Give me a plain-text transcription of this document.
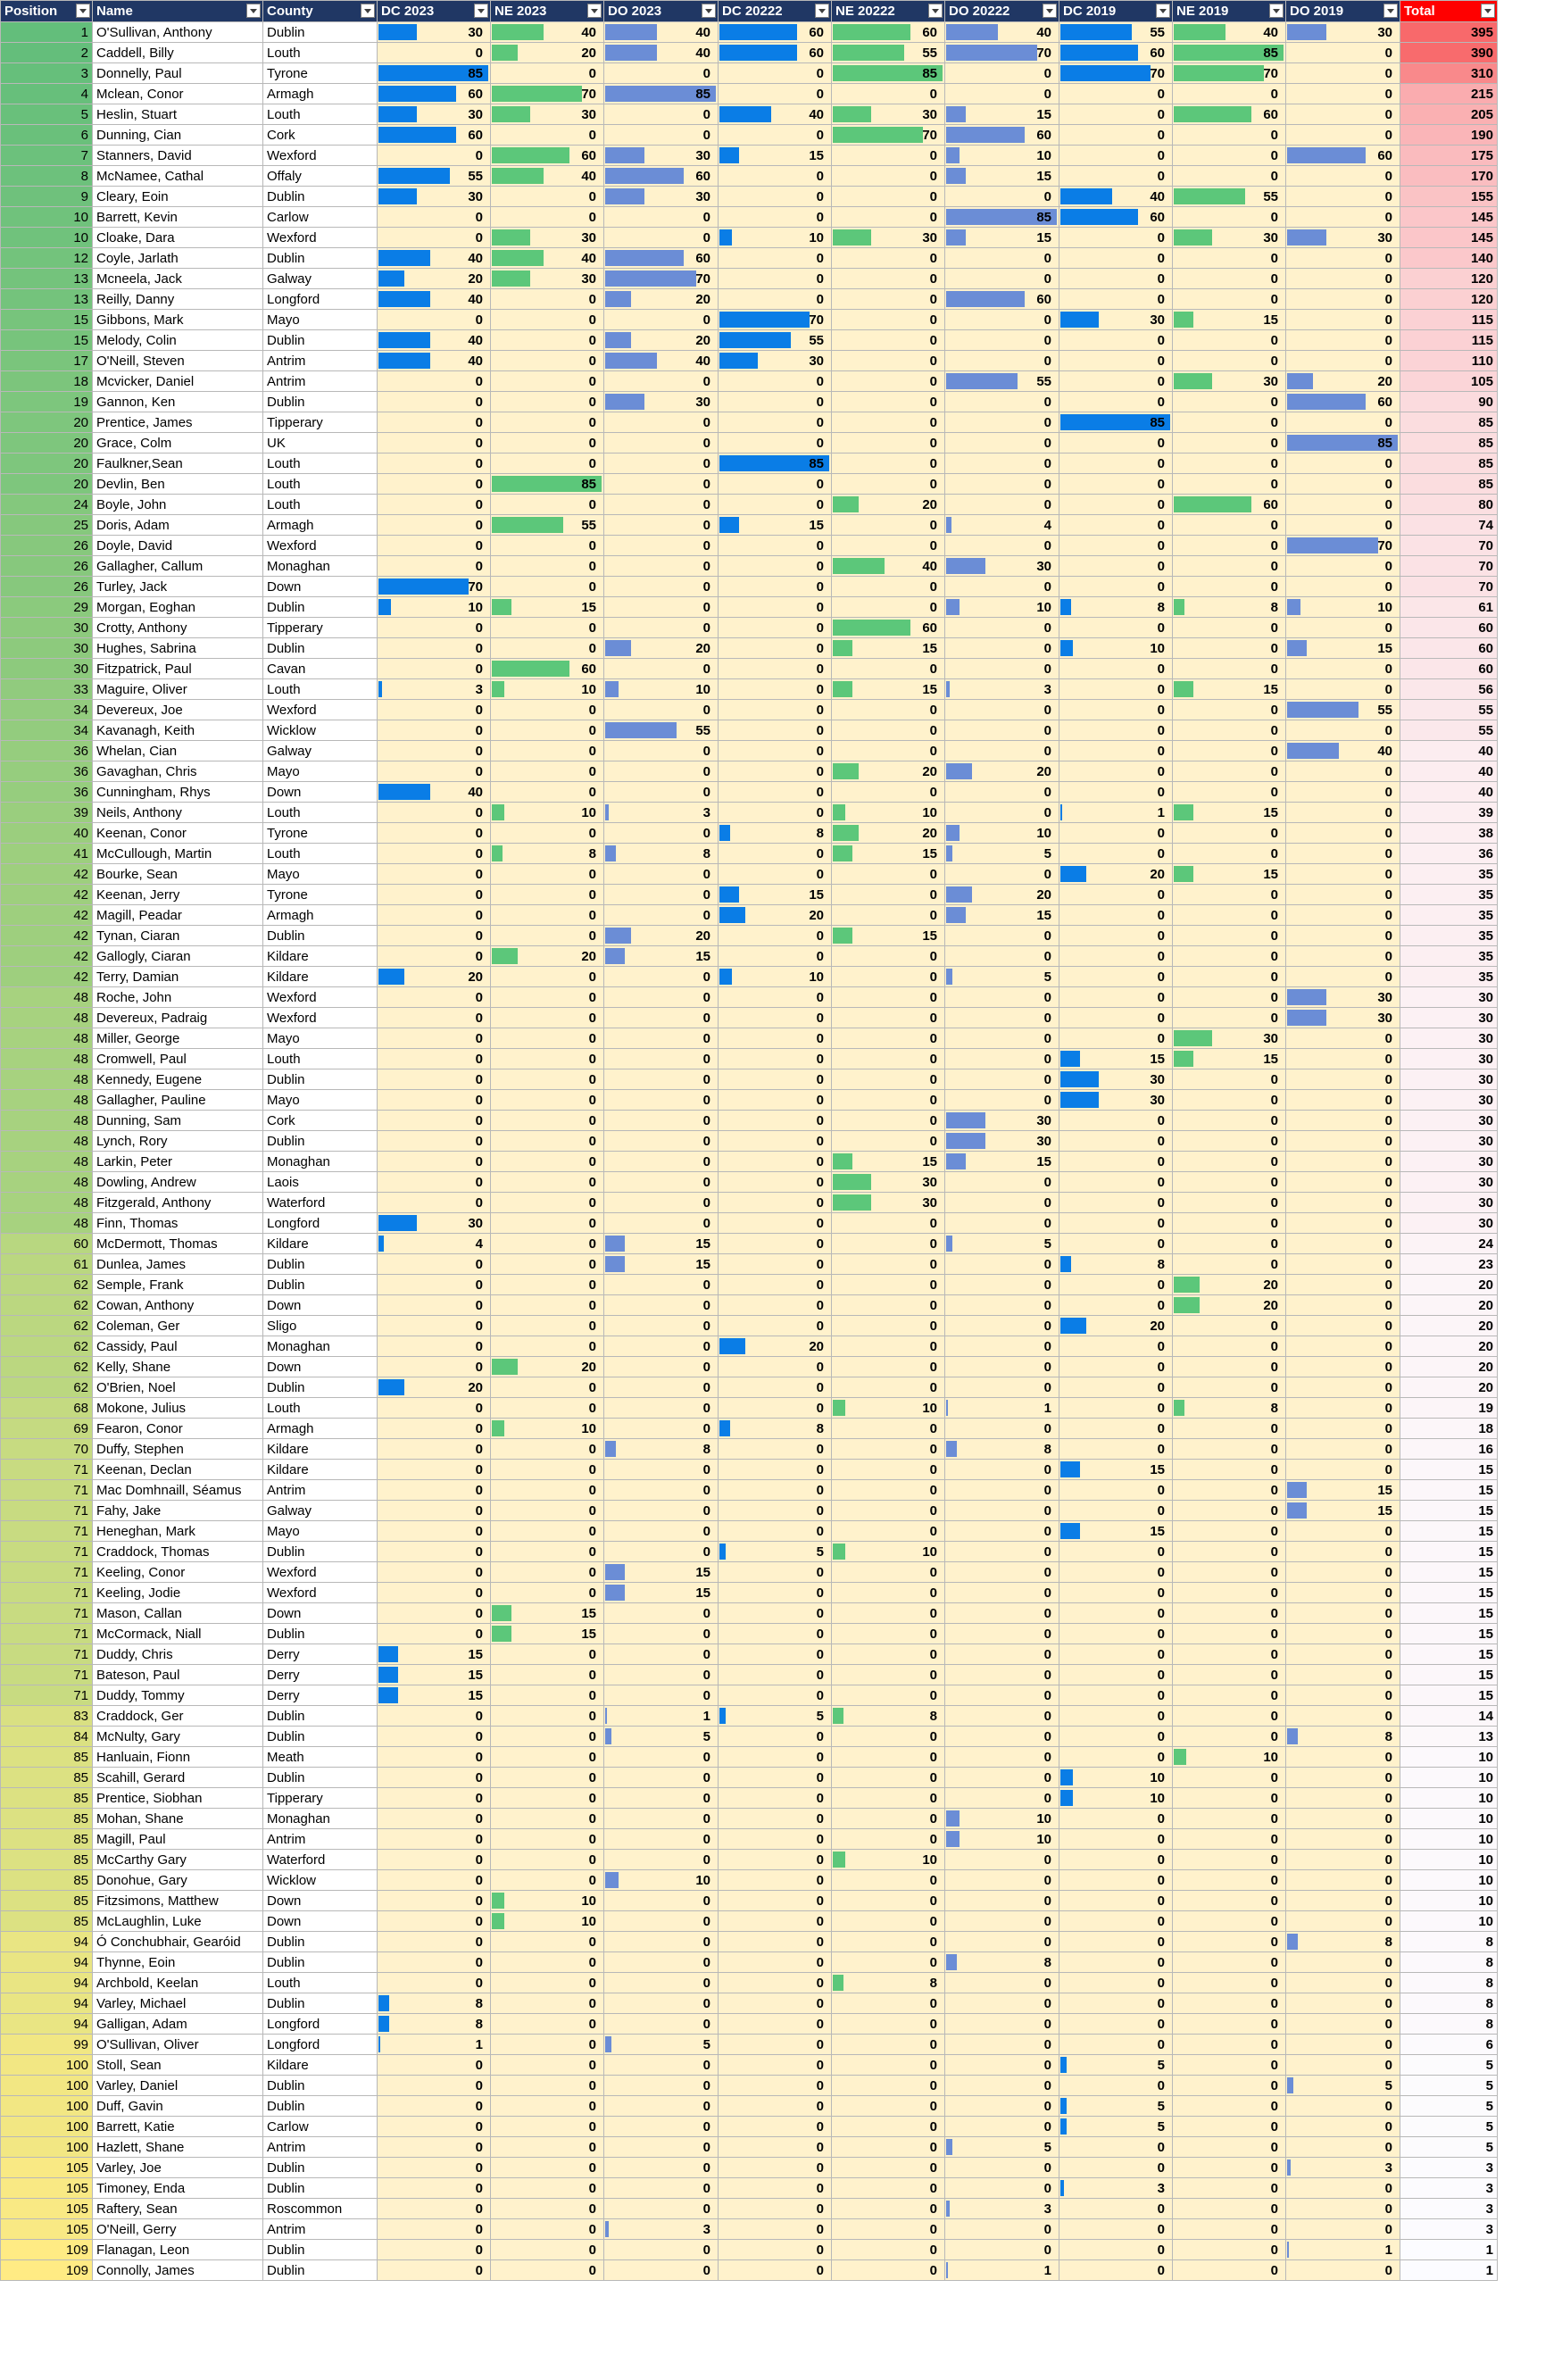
Position	Name	County	DC 2023	NE 2023	DO 2023	DC 20222	NE 20222	DO 20222	DC 2019	NE 2019	DO 2019	Total

1	O'Sullivan, Anthony	Dublin	30	40	40	60	60	40	55	40	30	395
2	Caddell, Billy	Louth	0	20	40	60	55	70	60	85	0	390
3	Donnelly, Paul	Tyrone	85	0	0	0	85	0	70	70	0	310
4	Mclean, Conor	Armagh	60	70	85	0	0	0	0	0	0	215
5	Heslin, Stuart	Louth	30	30	0	40	30	15	0	60	0	205
6	Dunning, Cian	Cork	60	0	0	0	70	60	0	0	0	190
7	Stanners, David	Wexford	0	60	30	15	0	10	0	0	60	175
8	McNamee, Cathal	Offaly	55	40	60	0	0	15	0	0	0	170
9	Cleary, Eoin	Dublin	30	0	30	0	0	0	40	55	0	155
10	Barrett, Kevin	Carlow	0	0	0	0	0	85	60	0	0	145
10	Cloake, Dara	Wexford	0	30	0	10	30	15	0	30	30	145
12	Coyle, Jarlath	Dublin	40	40	60	0	0	0	0	0	0	140
13	Mcneela, Jack	Galway	20	30	70	0	0	0	0	0	0	120
13	Reilly, Danny	Longford	40	0	20	0	0	60	0	0	0	120
15	Gibbons, Mark	Mayo	0	0	0	70	0	0	30	15	0	115
15	Melody, Colin	Dublin	40	0	20	55	0	0	0	0	0	115
17	O'Neill, Steven	Antrim	40	0	40	30	0	0	0	0	0	110
18	Mcvicker, Daniel	Antrim	0	0	0	0	0	55	0	30	20	105
19	Gannon, Ken	Dublin	0	0	30	0	0	0	0	0	60	90
20	Prentice, James	Tipperary	0	0	0	0	0	0	85	0	0	85
20	Grace, Colm	UK	0	0	0	0	0	0	0	0	85	85
20	Faulkner,Sean	Louth	0	0	0	85	0	0	0	0	0	85
20	Devlin, Ben	Louth	0	85	0	0	0	0	0	0	0	85
24	Boyle, John	Louth	0	0	0	0	20	0	0	60	0	80
25	Doris, Adam	Armagh	0	55	0	15	0	4	0	0	0	74
26	Doyle, David	Wexford	0	0	0	0	0	0	0	0	70	70
26	Gallagher, Callum	Monaghan	0	0	0	0	40	30	0	0	0	70
26	Turley, Jack	Down	70	0	0	0	0	0	0	0	0	70
29	Morgan, Eoghan	Dublin	10	15	0	0	0	10	8	8	10	61
30	Crotty, Anthony	Tipperary	0	0	0	0	60	0	0	0	0	60
30	Hughes, Sabrina	Dublin	0	0	20	0	15	0	10	0	15	60
30	Fitzpatrick, Paul	Cavan	0	60	0	0	0	0	0	0	0	60
33	Maguire, Oliver	Louth	3	10	10	0	15	3	0	15	0	56
34	Devereux, Joe	Wexford	0	0	0	0	0	0	0	0	55	55
34	Kavanagh, Keith	Wicklow	0	0	55	0	0	0	0	0	0	55
36	Whelan, Cian	Galway	0	0	0	0	0	0	0	0	40	40
36	Gavaghan, Chris	Mayo	0	0	0	0	20	20	0	0	0	40
36	Cunningham, Rhys	Down	40	0	0	0	0	0	0	0	0	40
39	Neils, Anthony	Louth	0	10	3	0	10	0	1	15	0	39
40	Keenan, Conor	Tyrone	0	0	0	8	20	10	0	0	0	38
41	McCullough, Martin	Louth	0	8	8	0	15	5	0	0	0	36
42	Bourke, Sean	Mayo	0	0	0	0	0	0	20	15	0	35
42	Keenan, Jerry	Tyrone	0	0	0	15	0	20	0	0	0	35
42	Magill, Peadar	Armagh	0	0	0	20	0	15	0	0	0	35
42	Tynan, Ciaran	Dublin	0	0	20	0	15	0	0	0	0	35
42	Gallogly, Ciaran	Kildare	0	20	15	0	0	0	0	0	0	35
42	Terry, Damian	Kildare	20	0	0	10	0	5	0	0	0	35
48	Roche, John	Wexford	0	0	0	0	0	0	0	0	30	30
48	Devereux, Padraig	Wexford	0	0	0	0	0	0	0	0	30	30
48	Miller, George	Mayo	0	0	0	0	0	0	0	30	0	30
48	Cromwell, Paul	Louth	0	0	0	0	0	0	15	15	0	30
48	Kennedy, Eugene	Dublin	0	0	0	0	0	0	30	0	0	30
48	Gallagher, Pauline	Mayo	0	0	0	0	0	0	30	0	0	30
48	Dunning, Sam	Cork	0	0	0	0	0	30	0	0	0	30
48	Lynch, Rory	Dublin	0	0	0	0	0	30	0	0	0	30
48	Larkin, Peter	Monaghan	0	0	0	0	15	15	0	0	0	30
48	Dowling, Andrew	Laois	0	0	0	0	30	0	0	0	0	30
48	Fitzgerald, Anthony	Waterford	0	0	0	0	30	0	0	0	0	30
48	Finn, Thomas	Longford	30	0	0	0	0	0	0	0	0	30
60	McDermott, Thomas	Kildare	4	0	15	0	0	5	0	0	0	24
61	Dunlea, James	Dublin	0	0	15	0	0	0	8	0	0	23
62	Semple, Frank	Dublin	0	0	0	0	0	0	0	20	0	20
62	Cowan, Anthony	Down	0	0	0	0	0	0	0	20	0	20
62	Coleman, Ger	Sligo	0	0	0	0	0	0	20	0	0	20
62	Cassidy, Paul	Monaghan	0	0	0	20	0	0	0	0	0	20
62	Kelly, Shane	Down	0	20	0	0	0	0	0	0	0	20
62	O'Brien, Noel	Dublin	20	0	0	0	0	0	0	0	0	20
68	Mokone, Julius	Louth	0	0	0	0	10	1	0	8	0	19
69	Fearon, Conor	Armagh	0	10	0	8	0	0	0	0	0	18
70	Duffy, Stephen	Kildare	0	0	8	0	0	8	0	0	0	16
71	Keenan, Declan	Kildare	0	0	0	0	0	0	15	0	0	15
71	Mac Domhnaill, Séamus	Antrim	0	0	0	0	0	0	0	0	15	15
71	Fahy, Jake	Galway	0	0	0	0	0	0	0	0	15	15
71	Heneghan, Mark	Mayo	0	0	0	0	0	0	15	0	0	15
71	Craddock, Thomas	Dublin	0	0	0	5	10	0	0	0	0	15
71	Keeling, Conor	Wexford	0	0	15	0	0	0	0	0	0	15
71	Keeling, Jodie	Wexford	0	0	15	0	0	0	0	0	0	15
71	Mason, Callan	Down	0	15	0	0	0	0	0	0	0	15
71	McCormack, Niall	Dublin	0	15	0	0	0	0	0	0	0	15
71	Duddy, Chris	Derry	15	0	0	0	0	0	0	0	0	15
71	Bateson, Paul	Derry	15	0	0	0	0	0	0	0	0	15
71	Duddy, Tommy	Derry	15	0	0	0	0	0	0	0	0	15
83	Craddock, Ger	Dublin	0	0	1	5	8	0	0	0	0	14
84	McNulty, Gary	Dublin	0	0	5	0	0	0	0	0	8	13
85	Hanluain, Fionn	Meath	0	0	0	0	0	0	0	10	0	10
85	Scahill, Gerard	Dublin	0	0	0	0	0	0	10	0	0	10
85	Prentice, Siobhan	Tipperary	0	0	0	0	0	0	10	0	0	10
85	Mohan, Shane	Monaghan	0	0	0	0	0	10	0	0	0	10
85	Magill, Paul	Antrim	0	0	0	0	0	10	0	0	0	10
85	McCarthy Gary	Waterford	0	0	0	0	10	0	0	0	0	10
85	Donohue, Gary	Wicklow	0	0	10	0	0	0	0	0	0	10
85	Fitzsimons, Matthew	Down	0	10	0	0	0	0	0	0	0	10
85	McLaughlin, Luke	Down	0	10	0	0	0	0	0	0	0	10
94	Ó Conchubhair, Gearóid	Dublin	0	0	0	0	0	0	0	0	8	8
94	Thynne, Eoin	Dublin	0	0	0	0	0	8	0	0	0	8
94	Archbold, Keelan	Louth	0	0	0	0	8	0	0	0	0	8
94	Varley, Michael	Dublin	8	0	0	0	0	0	0	0	0	8
94	Galligan, Adam	Longford	8	0	0	0	0	0	0	0	0	8
99	O'Sullivan, Oliver	Longford	1	0	5	0	0	0	0	0	0	6
100	Stoll, Sean	Kildare	0	0	0	0	0	0	5	0	0	5
100	Varley, Daniel	Dublin	0	0	0	0	0	0	0	0	5	5
100	Duff, Gavin	Dublin	0	0	0	0	0	0	5	0	0	5
100	Barrett, Katie	Carlow	0	0	0	0	0	0	5	0	0	5
100	Hazlett, Shane	Antrim	0	0	0	0	0	5	0	0	0	5
105	Varley, Joe	Dublin	0	0	0	0	0	0	0	0	3	3
105	Timoney, Enda	Dublin	0	0	0	0	0	0	3	0	0	3
105	Raftery, Sean	Roscommon	0	0	0	0	0	3	0	0	0	3
105	O'Neill, Gerry	Antrim	0	0	3	0	0	0	0	0	0	3
109	Flanagan, Leon	Dublin	0	0	0	0	0	0	0	0	1	1
109	Connolly, James	Dublin	0	0	0	0	0	1	0	0	0	1
